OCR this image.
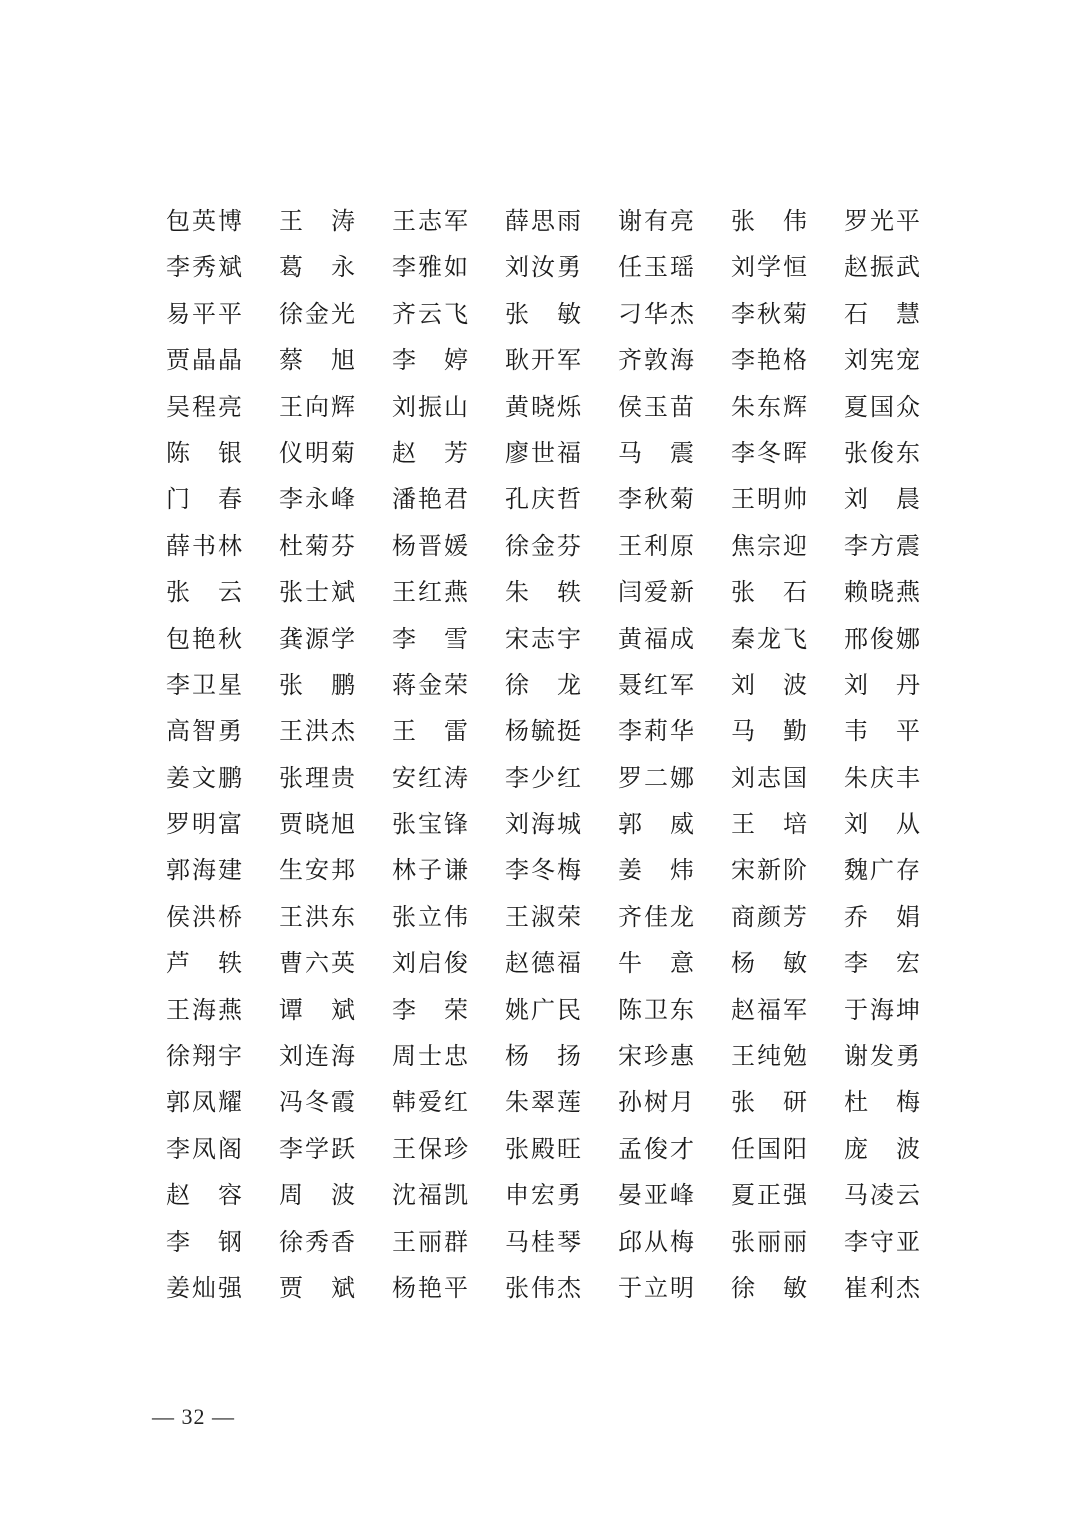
包 英 博 王 涛 王 志 军 薛 思 雨 谢 有 亮 张 伟 罗 光 平
李 秀 斌 葛 永 李 雅 如 刘 汝 勇 任 玉 瑶 刘 学 恒 赵 振 武
易 平 平 徐 金 光 齐 云 飞 张 敏 刁 华 杰 李 秋 菊 石 慧
贾 晶 晶 蔡 旭 李 婷 耿 开 军 齐 敦 海 李 艳 格 刘 宪 宠
吴 程 亮 王 向 辉 刘 振 山 黄 晓 烁 侯 玉 苗 朱 东 辉 夏 国 众
陈 银 仪 明 菊 赵 芳 廖 世 福 马 震 李 冬 晖 张 俊 东
门 春 李 永 峰 潘 艳 君 孔 庆 哲 李 秋 菊 王 明 帅 刘 晨
薛 书 林 杜 菊 芬 杨 晋 媛 徐 金 芬 王 利 原 焦 宗 迎 李 方 震
张 云 张 士 斌 王 红 燕 朱 轶 闫 爱 新 张 石 赖 晓 燕
包 艳 秋 龚 源 学 李 雪 宋 志 宇 黄 福 成 秦 龙 飞 邢 俊 娜
李 卫 星 张 鹏 蒋 金 荣 徐 龙 聂 红 军 刘 波 刘 丹
高 智 勇 王 洪 杰 王 雷 杨 毓 挺 李 莉 华 马 勤 韦 平
姜 文 鹏 张 理 贵 安 红 涛 李 少 红 罗 二 娜 刘 志 国 朱 庆 丰
罗 明 富 贾 晓 旭 张 宝 锋 刘 海 城 郭 威 王 培 刘 从
郭 海 建 生 安 邦 林 子 谦 李 冬 梅 姜 炜 宋 新 阶 魏 广 存
侯 洪 桥 王 洪 东 张 立 伟 王 淑 荣 齐 佳 龙 商 颜 芳 乔 娟
芦 轶 曹 六 英 刘 启 俊 赵 德 福 牛 意 杨 敏 李 宏
王 海 燕 谭 斌 李 荣 姚 广 民 陈 卫 东 赵 福 军 于 海 坤
徐 翔 宇 刘 连 海 周 士 忠 杨 扬 宋 珍 惠 王 纯 勉 谢 发 勇
郭 凤 耀 冯 冬 霞 韩 爱 红 朱 翠 莲 孙 树 月 张 研 杜 梅
李 凤 阁 李 学 跃 王 保 珍 张 殿 旺 孟 俊 才 任 国 阳 庞 波
赵 容 周 波 沈 福 凯 申 宏 勇 晏 亚 峰 夏 正 强 马 凌 云
李 钢 徐 秀 香 王 丽 群 马 桂 琴 邱 从 梅 张 丽 丽 李 守 亚
姜 灿 强 贾 斌 杨 艳 平 张 伟 杰 于 立 明 徐 敏 崔 利 杰
— 32 —
